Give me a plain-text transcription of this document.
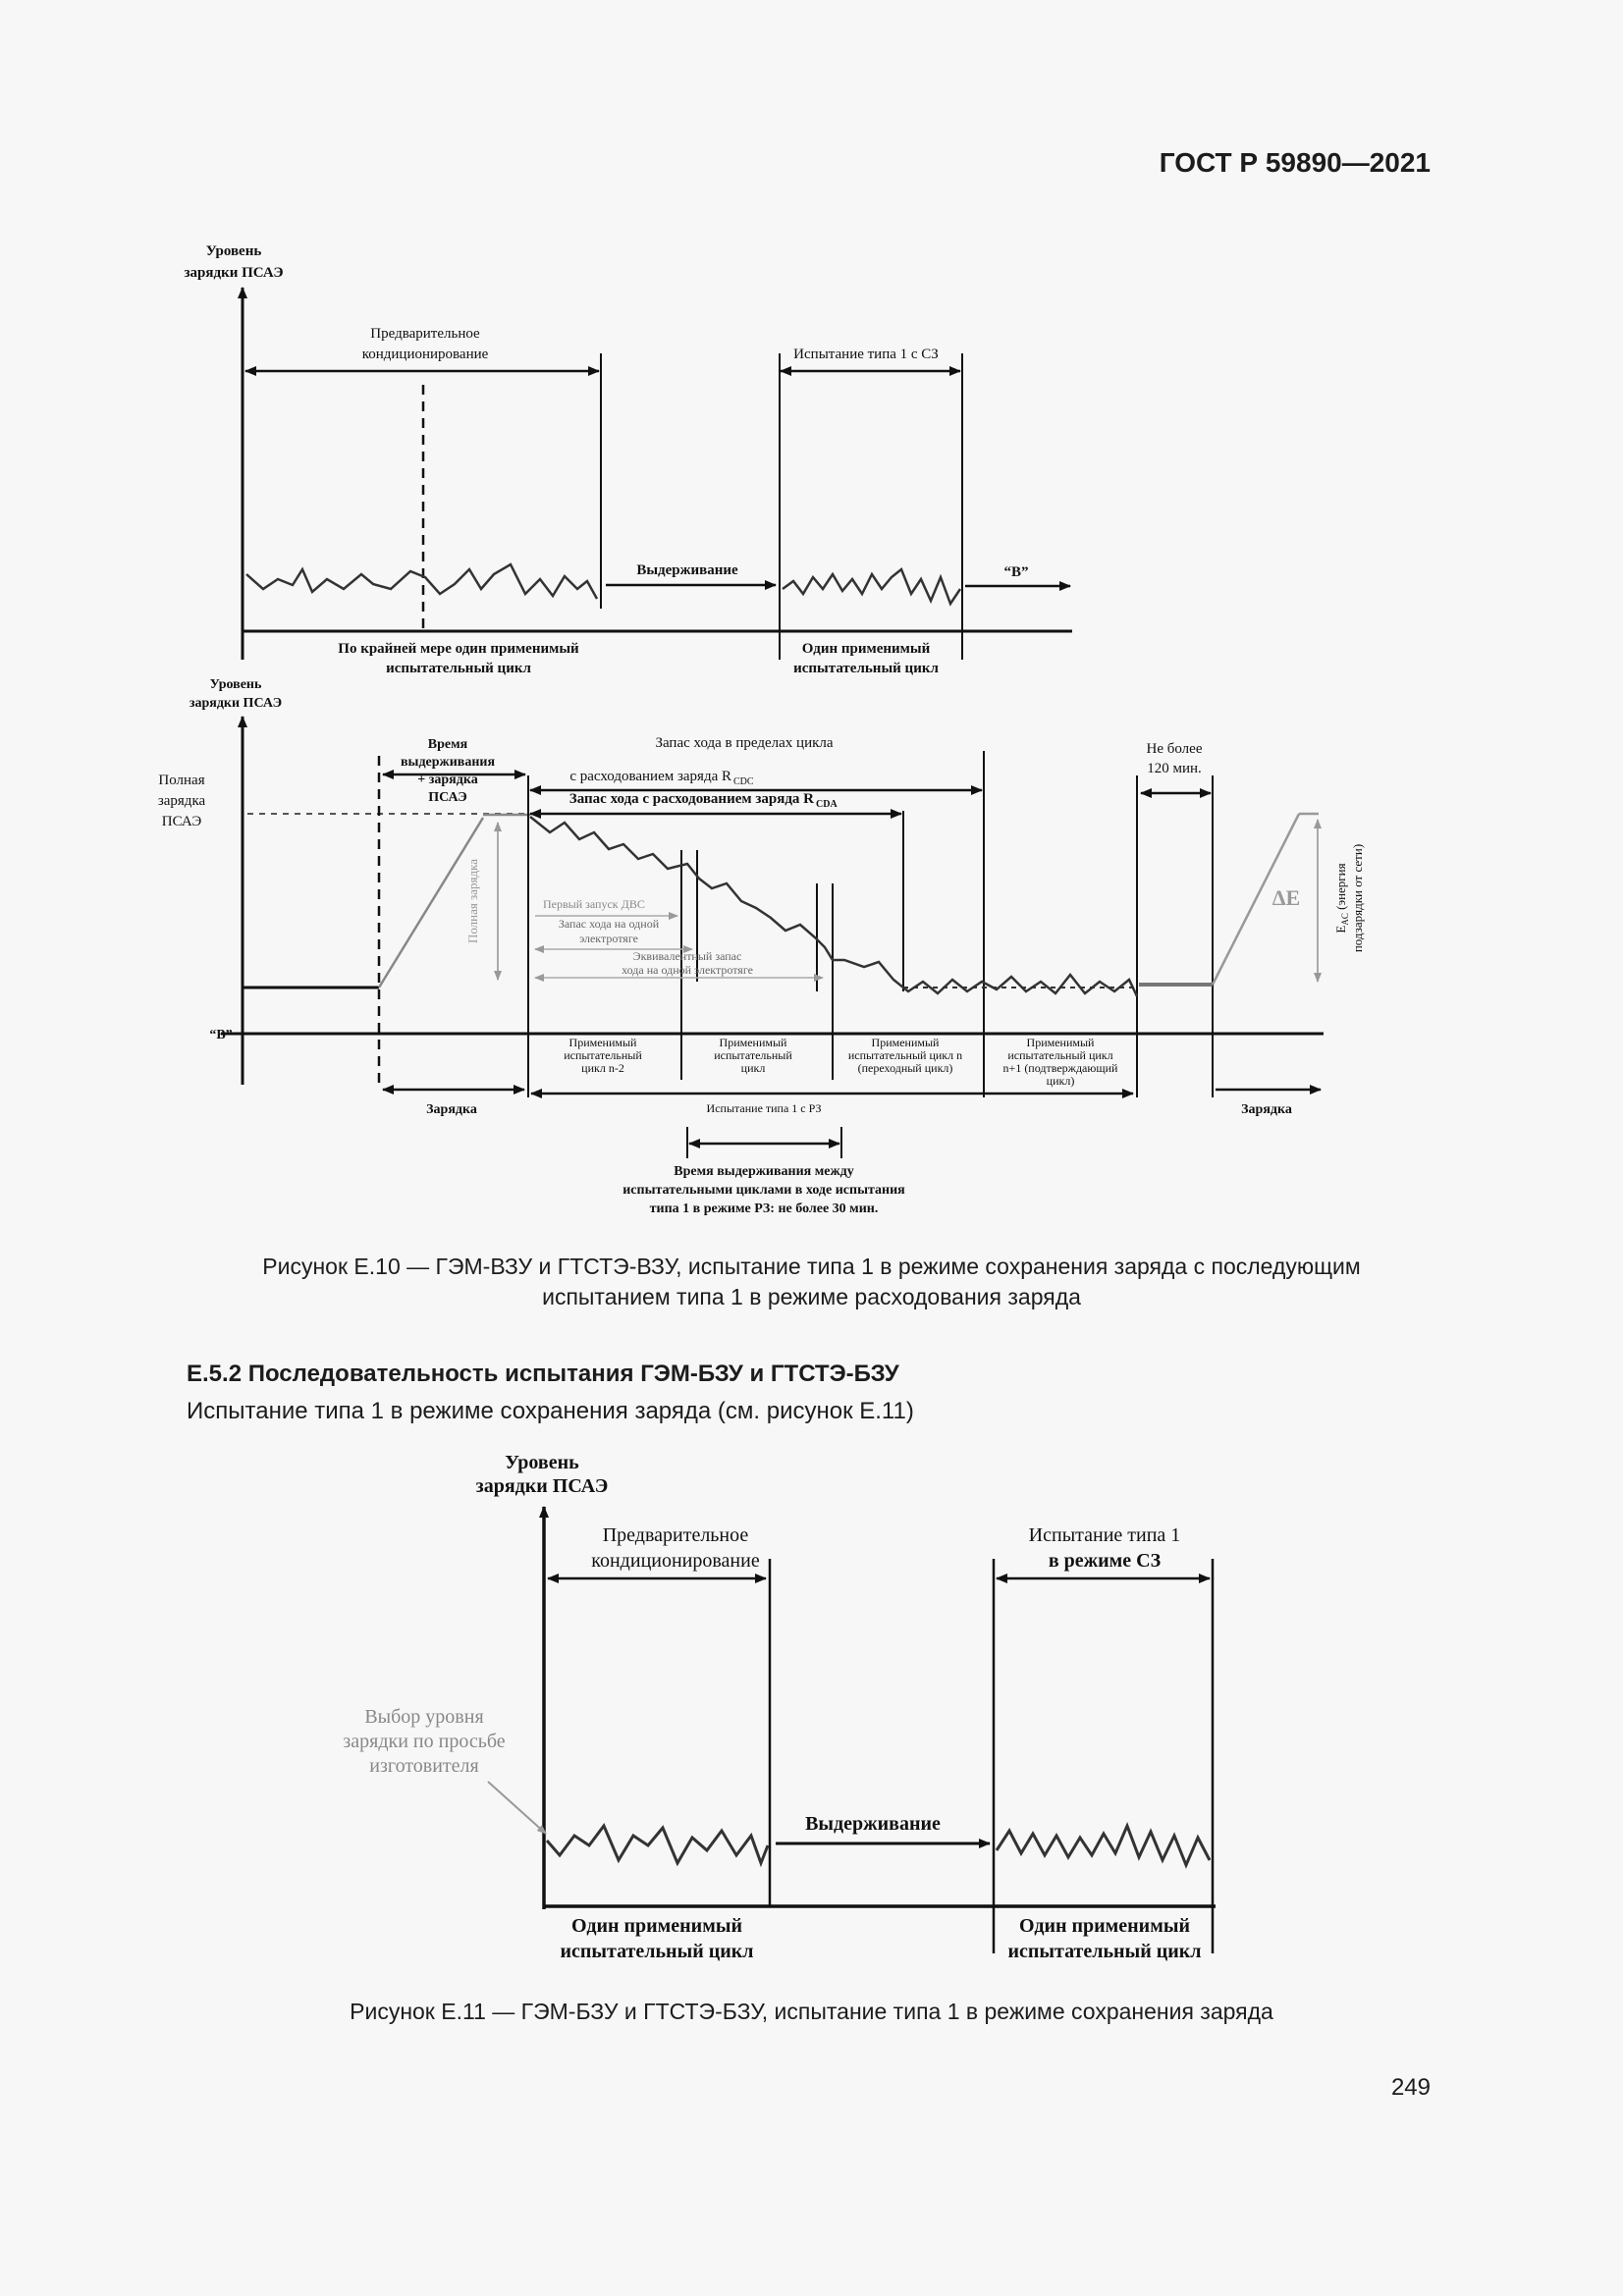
ГОСТ Р 59890—2021
Уровень
зарядки ПСАЭ
Предварительное
кондиционирование	Испытание типа 1 с СЗ
Выдерживание	“B”
По крайней мере один применимый
испытательный цикл
Один применимый
испытательный цикл
Уровень
зарядки ПСАЭ
Полная
зарядка
ПСАЭ
“B”
Время
выдерживания
+ зарядка
ПСАЭ
Запас хода в пределах цикла
с расходованием заряда R CDC
Запас хода с расходованием заряда R CDA
Полная зарядка	Первый запуск ДВС
Запас хода на одной
электротяге
Эквивалентный запас
хода на одной электротяге
Не более
120 мин.
ΔE
$E_{AC}$ (энергия подзарядки от сети)
Применимый
испытательный
цикл n-2
Применимый
испытательный
цикл
Применимый
испытательный цикл n
(переходный цикл)
Применимый
испытательный цикл
n+1 (подтверждающий
цикл)
Зарядка	Испытание типа 1 с РЗ	Зарядка
Время выдерживания между
испытательными циклами в ходе испытания
типа 1 в режиме РЗ: не более 30 мин.
Уровень
зарядки ПСАЭ
Предварительное
кондиционирование
Испытание типа 1
в режиме СЗ
Выбор уровня
зарядки по просьбе
изготовителя
Выдерживание
Один применимый
испытательный цикл
Один применимый
испытательный цикл
Рисунок Е.10 — ГЭМ-ВЗУ и ГТСТЭ-ВЗУ, испытание типа 1 в режиме сохранения заряда с последующим
испытанием типа 1 в режиме расходования заряда
Е.5.2 Последовательность испытания ГЭМ-БЗУ и ГТСТЭ-БЗУ
Испытание типа 1 в режиме сохранения заряда (см. рисунок Е.11)
Рисунок Е.11 — ГЭМ-БЗУ и ГТСТЭ-БЗУ, испытание типа 1 в режиме сохранения заряда
249
